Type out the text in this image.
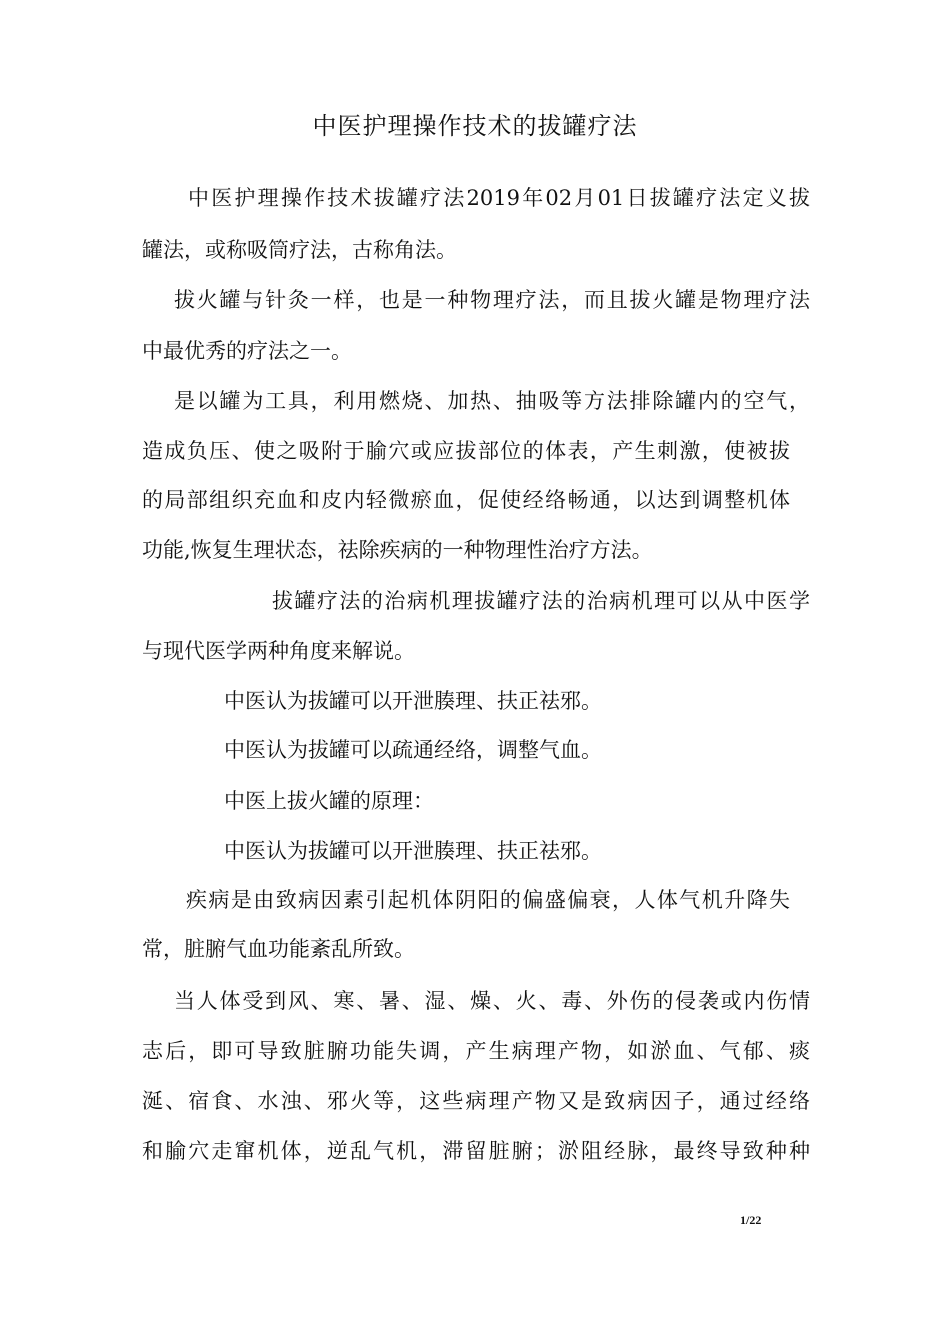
中医护理操作技术的拔罐疗法
中医护理操作技术拔罐疗法2019年02月01日拔罐疗法定义拔
罐法，或称吸筒疗法，古称角法。
拔火罐与针灸一样，也是一种物理疗法，而且拔火罐是物理疗法
中最优秀的疗法之一。
是以罐为工具，利用燃烧、加热、抽吸等方法排除罐内的空气，
造成负压、使之吸附于腧穴或应拔部位的体表，产生刺激，使被拔
的局部组织充血和皮内轻微瘀血，促使经络畅通，以达到调整机体
功能,恢复生理状态，祛除疾病的一种物理性治疗方法。
拔罐疗法的治病机理拔罐疗法的治病机理可以从中医学
与现代医学两种角度来解说。
中医认为拔罐可以开泄腠理、扶正祛邪。
中医认为拔罐可以疏通经络，调整气血。
中医上拔火罐的原理：
中医认为拔罐可以开泄腠理、扶正祛邪。
疾病是由致病因素引起机体阴阳的偏盛偏衰，人体气机升降失
常，脏腑气血功能紊乱所致。
当人体受到风、寒、暑、湿、燥、火、毒、外伤的侵袭或内伤情
志后，即可导致脏腑功能失调，产生病理产物，如淤血、气郁、痰
涎、宿食、水浊、邪火等，这些病理产物又是致病因子，通过经络
和腧穴走窜机体，逆乱气机，滞留脏腑；淤阻经脉，最终导致种种
1/22
